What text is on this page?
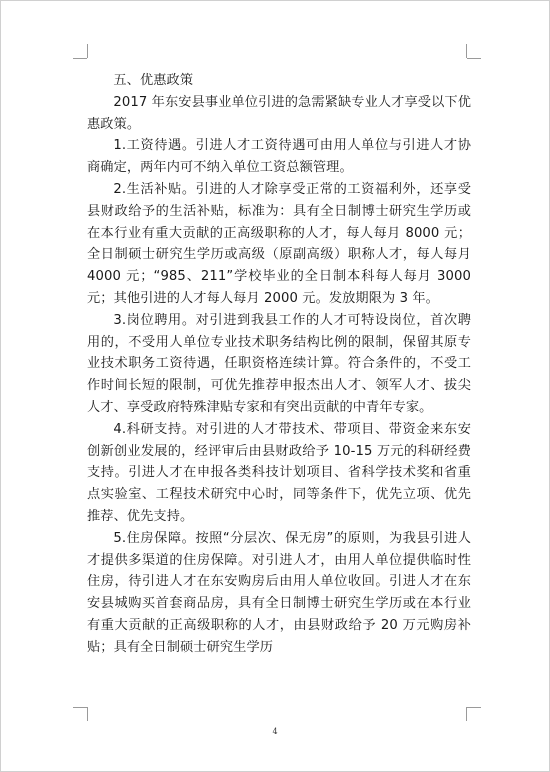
五、优惠政策

2017 年东安县事业单位引进的急需紧缺专业人才享受以下优惠政策。

1.工资待遇。引进人才工资待遇可由用人单位与引进人才协商确定，两年内可不纳入单位工资总额管理。

2.生活补贴。引进的人才除享受正常的工资福利外，还享受县财政给予的生活补贴，标准为：具有全日制博士研究生学历或在本行业有重大贡献的正高级职称的人才，每人每月 8000 元；全日制硕士研究生学历或高级（原副高级）职称人才，每人每月 4000 元；“985、211”学校毕业的全日制本科每人每月 3000 元；其他引进的人才每人每月 2000 元。发放期限为 3 年。

3.岗位聘用。对引进到我县工作的人才可特设岗位，首次聘用的，不受用人单位专业技术职务结构比例的限制，保留其原专业技术职务工资待遇，任职资格连续计算。符合条件的，不受工作时间长短的限制，可优先推荐申报杰出人才、领军人才、拔尖人才、享受政府特殊津贴专家和有突出贡献的中青年专家。

4.科研支持。对引进的人才带技术、带项目、带资金来东安创新创业发展的，经评审后由县财政给予 10-15 万元的科研经费支持。引进人才在申报各类科技计划项目、省科学技术奖和省重点实验室、工程技术研究中心时，同等条件下，优先立项、优先推荐、优先支持。

5.住房保障。按照“分层次、保无房”的原则，为我县引进人才提供多渠道的住房保障。对引进人才，由用人单位提供临时性住房，待引进人才在东安购房后由用人单位收回。引进人才在东安县城购买首套商品房，具有全日制博士研究生学历或在本行业有重大贡献的正高级职称的人才，由县财政给予 20 万元购房补贴；具有全日制硕士研究生学历

4
